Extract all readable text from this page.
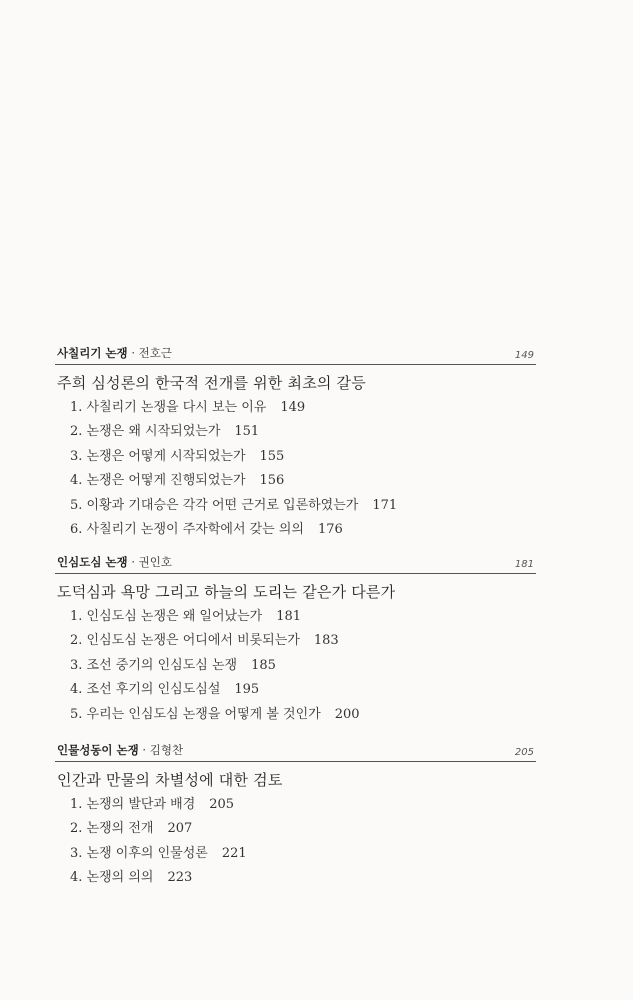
사칠리기 논쟁 · 전호근	149
주희 심성론의 한국적 전개를 위한 최초의 갈등
1. 사칠리기 논쟁을 다시 보는 이유 149
2. 논쟁은 왜 시작되었는가 151
3. 논쟁은 어떻게 시작되었는가 155
4. 논쟁은 어떻게 진행되었는가 156
5. 이황과 기대승은 각각 어떤 근거로 입론하였는가 171
6. 사칠리기 논쟁이 주자학에서 갖는 의의 176
인심도심 논쟁 · 권인호	181
도덕심과 욕망 그리고 하늘의 도리는 같은가 다른가
1. 인심도심 논쟁은 왜 일어났는가 181
2. 인심도심 논쟁은 어디에서 비롯되는가 183
3. 조선 중기의 인심도심 논쟁 185
4. 조선 후기의 인심도심설 195
5. 우리는 인심도심 논쟁을 어떻게 볼 것인가 200
인물성동이 논쟁 · 김형찬	205
인간과 만물의 차별성에 대한 검토
1. 논쟁의 발단과 배경 205
2. 논쟁의 전개 207
3. 논쟁 이후의 인물성론 221
4. 논쟁의 의의 223
